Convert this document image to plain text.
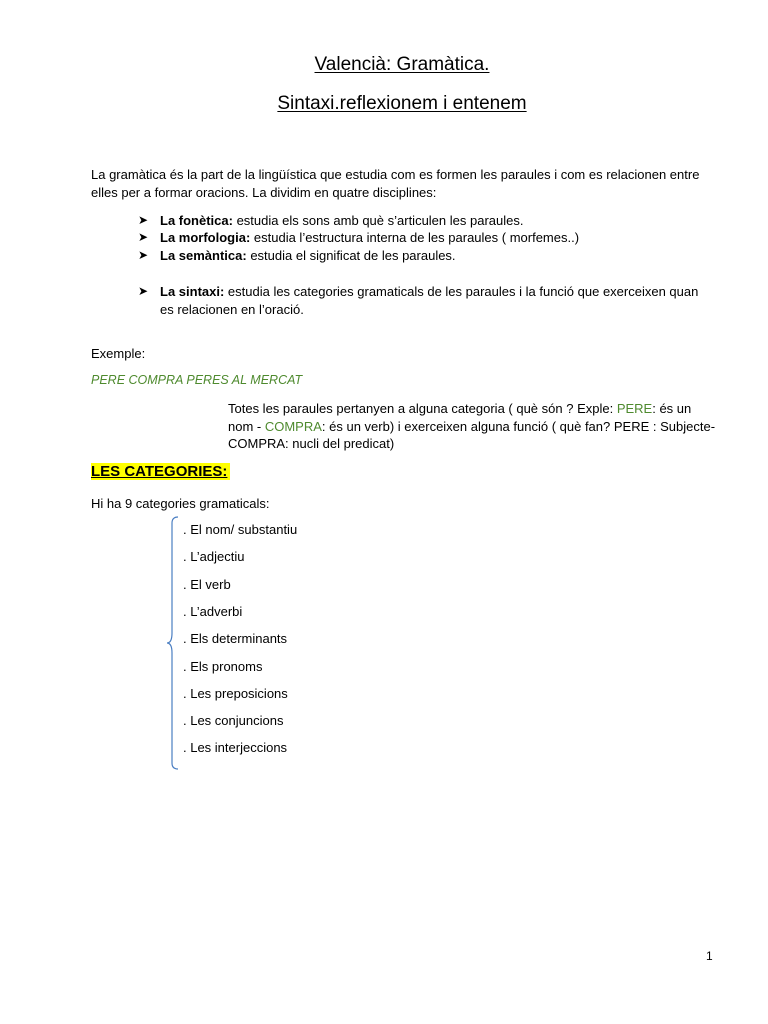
Valencià: Gramàtica.
Sintaxi.reflexionem i entenem
La gramàtica és la part de la lingüística que estudia com es formen les paraules i com es relacionen entre elles per a formar oracions. La dividim en quatre disciplines:
➤ La fonètica: estudia els sons amb què s’articulen les paraules.
➤ La morfologia: estudia l’estructura interna de les paraules ( morfemes..)
➤ La semàntica: estudia el significat de les paraules.
➤ La sintaxi: estudia les categories gramaticals de les paraules i la funció que exerceixen quan es relacionen en l’oració.
Exemple:
PERE COMPRA PERES AL MERCAT
Totes les paraules pertanyen a alguna categoria ( què són ? Exple: PERE: és un nom - COMPRA: és un verb) i exerceixen alguna funció ( què fan? PERE : Subjecte- COMPRA: nucli del predicat)
LES CATEGORIES:
Hi ha 9 categories gramaticals:
. El nom/ substantiu
. L’adjectiu
. El verb
. L’adverbi
. Els determinants
. Els pronoms
. Les preposicions
. Les conjuncions
. Les interjeccions
1
